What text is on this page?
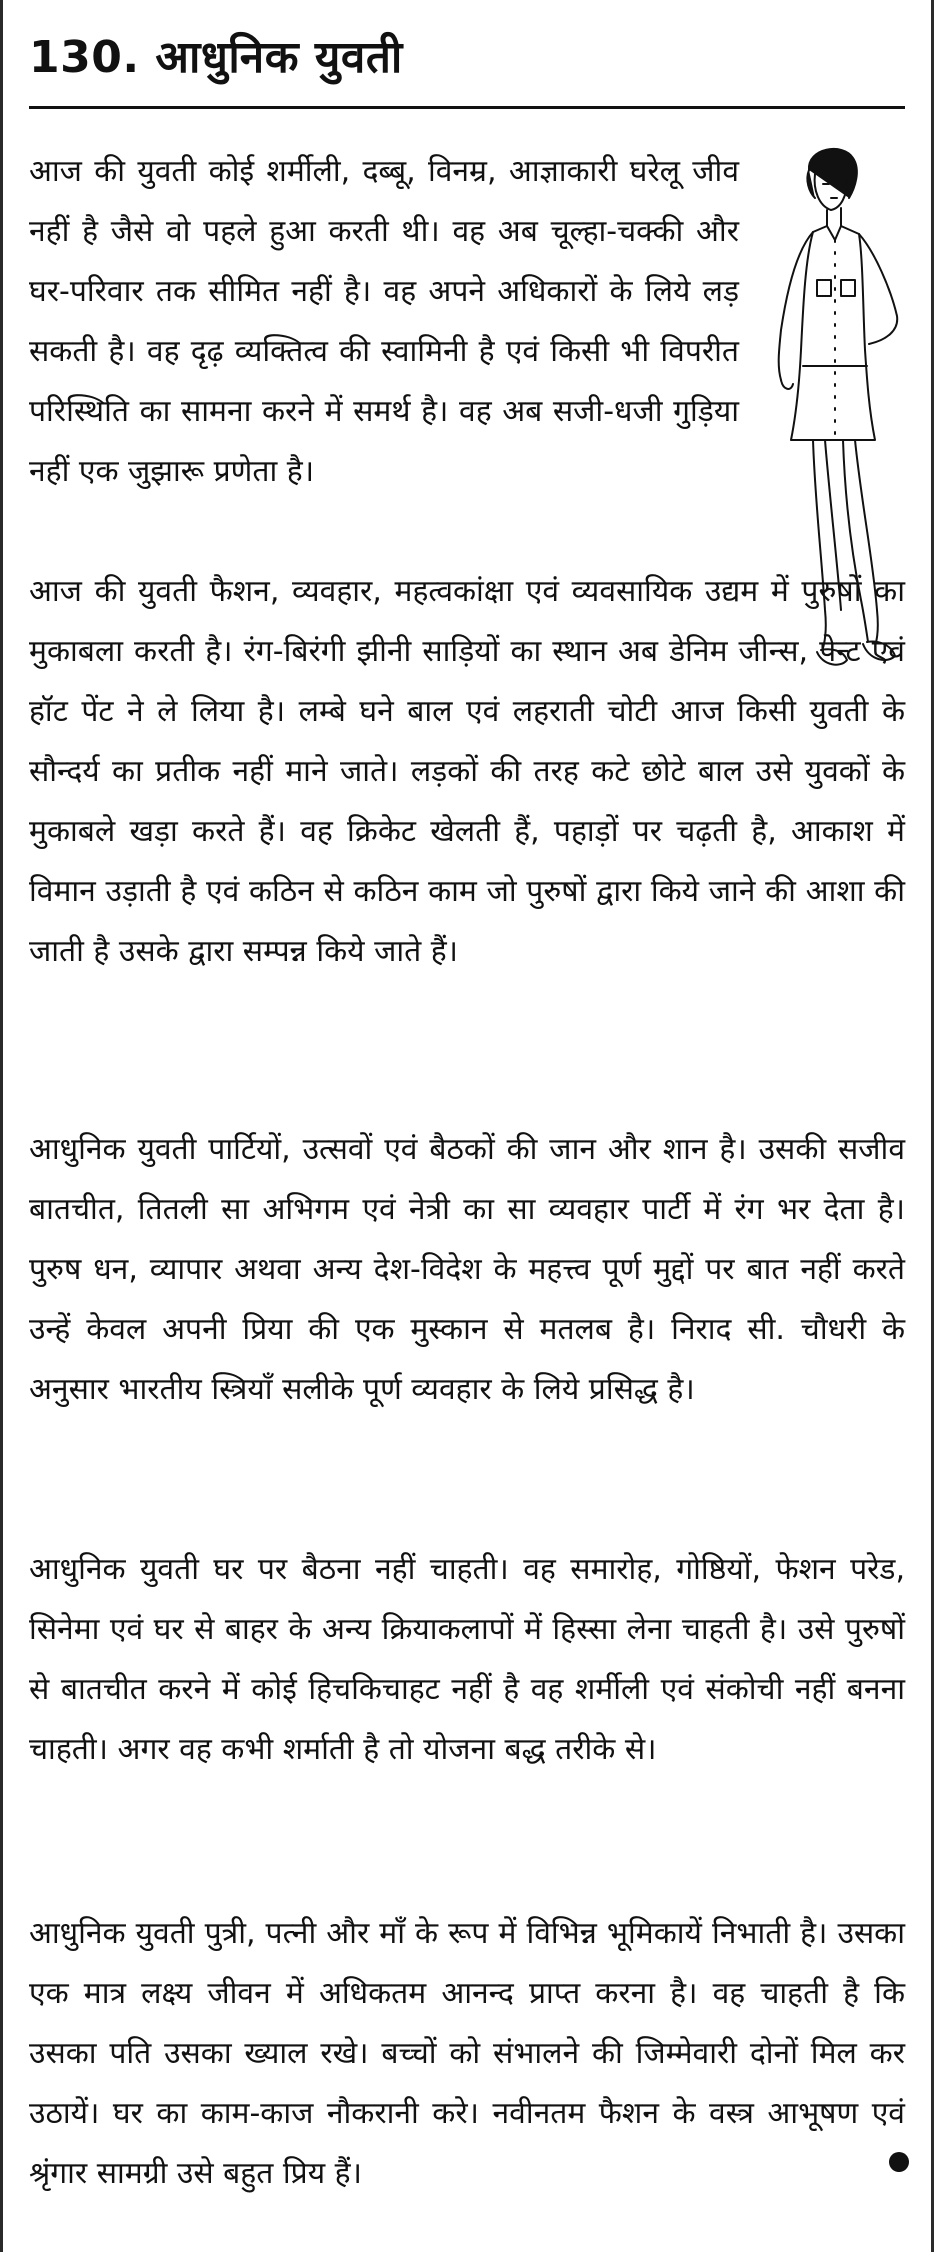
130. आधुनिक युवती

आज की युवती कोई शर्मीली, दब्बू, विनम्र, आज्ञाकारी घरेलू जीव नहीं है जैसे वो पहले हुआ करती थी। वह अब चूल्हा-चक्की और घर-परिवार तक सीमित नहीं है। वह अपने अधिकारों के लिये लड़ सकती है। वह दृढ़ व्यक्तित्व की स्वामिनी है एवं किसी भी विपरीत परिस्थिति का सामना करने में समर्थ है। वह अब सजी-धजी गुड़िया नहीं एक जुझारू प्रणेता है।

आज की युवती फैशन, व्यवहार, महत्वकांक्षा एवं व्यवसायिक उद्यम में पुरुषों का मुकाबला करती है। रंग-बिरंगी झीनी साड़ियों का स्थान अब डेनिम जीन्स, पेन्ट एवं हॉट पेंट ने ले लिया है। लम्बे घने बाल एवं लहराती चोटी आज किसी युवती के सौन्दर्य का प्रतीक नहीं माने जाते। लड़कों की तरह कटे छोटे बाल उसे युवकों के मुकाबले खड़ा करते हैं। वह क्रिकेट खेलती हैं, पहाड़ों पर चढ़ती है, आकाश में विमान उड़ाती है एवं कठिन से कठिन काम जो पुरुषों द्वारा किये जाने की आशा की जाती है उसके द्वारा सम्पन्न किये जाते हैं।

आधुनिक युवती पार्टियों, उत्सवों एवं बैठकों की जान और शान है। उसकी सजीव बातचीत, तितली सा अभिगम एवं नेत्री का सा व्यवहार पार्टी में रंग भर देता है। पुरुष धन, व्यापार अथवा अन्य देश-विदेश के महत्त्व पूर्ण मुद्दों पर बात नहीं करते उन्हें केवल अपनी प्रिया की एक मुस्कान से मतलब है। निराद सी. चौधरी के अनुसार भारतीय स्त्रियाँ सलीके पूर्ण व्यवहार के लिये प्रसिद्ध है।

आधुनिक युवती घर पर बैठना नहीं चाहती। वह समारोह, गोष्ठियों, फेशन परेड, सिनेमा एवं घर से बाहर के अन्य क्रियाकलापों में हिस्सा लेना चाहती है। उसे पुरुषों से बातचीत करने में कोई हिचकिचाहट नहीं है वह शर्मीली एवं संकोची नहीं बनना चाहती। अगर वह कभी शर्माती है तो योजना बद्ध तरीके से।

आधुनिक युवती पुत्री, पत्नी और माँ के रूप में विभिन्न भूमिकायें निभाती है। उसका एक मात्र लक्ष्य जीवन में अधिकतम आनन्द प्राप्त करना है। वह चाहती है कि उसका पति उसका ख्याल रखे। बच्चों को संभालने की जिम्मेवारी दोनों मिल कर उठायें। घर का काम-काज नौकरानी करे। नवीनतम फैशन के वस्त्र आभूषण एवं श्रृंगार सामग्री उसे बहुत प्रिय हैं।
